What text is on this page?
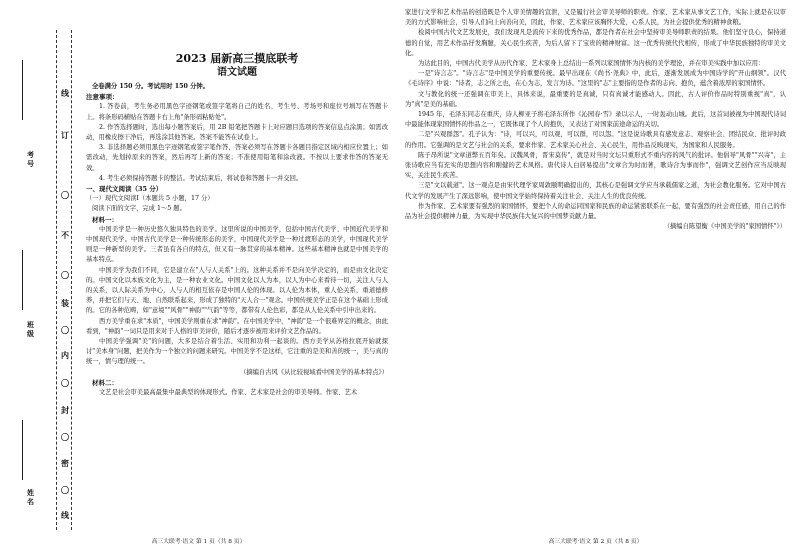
考号
班级
姓名
线
订
〇
不
〇
装
〇
内
〇
封
〇
密
〇
线

2023 届新高三摸底联考

语文试题

全卷满分 150 分。考试用时 150 分钟。

注意事项：

1. 答卷前，考生务必用黑色字迹钢笔或签字笔将自己的姓名、考生号、考场号和座位号填写在答题卡上。将条形码横贴在答题卡右上角"条形码粘贴处"。

2. 作答选择题时，选出每小题答案后，用 2B 铅笔把答题卡上对应题目选项的答案信息点涂黑；如需改动，用橡皮擦干净后，再选涂其他答案。答案不能答在试卷上。

3. 非选择题必须用黑色字迹钢笔或签字笔作答，答案必须写在答题卡各题目指定区域内相应位置上；如需改动，先划掉原来的答案，然后再写上新的答案；不准使用铅笔和涂改液。不按以上要求作答的答案无效。

4. 考生必须保持答题卡的整洁。考试结束后，将试卷和答题卡一并交回。

一、现代文阅读（35 分）

（一）现代文阅读Ⅰ（本题共 5 小题，17 分）

阅读下面的文字，完成 1～5 题。

材料一：

中国美学是一种历史悠久独具特色的美学。这里所说的中国美学，包括中国古代美学、中国近代美学和中国现代美学。中国古代美学是一种传统形态的美学，中国现代美学是一种过渡形态的美学，中国现代美学则是一种新型的美学。三者虽有各自的特点，但又有一脉贯穿的基本精神。这些基本精神也就是中国美学的基本特点。

中国美学为我们不同，它是建立在"人与人关系"上的。这种关系并不是向美学决定的，而是由文化决定的。中国文化以本族文化为主，是一种农业文化。中国文化以人为本，以人为中心来看待一切，关注人与人的关系，以人际关系为中心，人与人的相互依存是中国人伦的体现。以人伦为本体，重人伦关系，重道德修养，并把它们与天、地、自然联系起来，形成了独特的"天人合一"观念。中国传统美学正是在这个基础上形成的。它的各种范畴，如"意境""风骨""神韵""气韵"等等，都带有人伦色彩，都是从人伦关系中引申出来的。

西方美学重在求"本质"，中国美学则重在求"神韵"。在中国美学中，"神韵"是一个很难界定的概念，由此看到，"神韵"一词只是用来对于人格的审美评价，随后才逐步被用来评价文艺作品的。

中国美学强调"美"的问题，大多是结合着生活、实用和功利一起谈的。西方美学从苏格拉底开始就探讨"美本身"问题，把美作为一个独立的问题来研究。中国美学不是这样，它注重的是美和善的统一，美与真的统一，情与理的统一。

（摘编自古风《从比较视域看中国美学的基本特点》）

材料二：

文艺是社会审美最高最集中最典型的体现形式。作家、艺术家是社会的审美导师。作家、艺术

高三大联考·语文 第 1 页（共 8 页）

家进行文学和艺术作品的创造既是个人审美情趣的宣泄，又是履行社会审美导师的职责。作家、艺术家从事文艺工作，实际上就是在以审美的方式影响社会，引导人们向上向善向美，因此，作家、艺术家应该胸怀大爱，心系人民，为社会提供优秀的精神食粮。

检阅中国古代文艺发展史，我们发现凡是流传下来的优秀作品，都是作者在社会中坚持审美导师职责的结果。他们坚守良心，保持道德的自觉，用艺术作品抒发胸臆，关心民生疾苦，为后人留下了宝贵的精神财富。这一优秀传统代代相传，形成了中华民族独特的审美文化。

为达此目的，中国古代美学从历代作家、艺术家身上总结出一系列以家国情怀为内核的美学理论，并在审美实践中加以应用：

一是"诗言志"。"诗言志"是中国美学的重要传统。最早出现在《尚书·尧典》中，此后，逐渐发展成为中国诗学的"开山纲领"。汉代《毛诗序》中说："诗者，志之所之也，在心为志，发言为诗。"这里的"志"主要指的是作者的志向、抱负，蕴含着浓厚的家国情怀。

文与教化的统一还强调在审美上，具体来说，最重要的是真诚，只有真诚才能感动人。因此，古人评价作品时特别重视"真"，认为"真"是美的基础。

1945 年，毛泽东同志在重庆，诗人柳亚子将毛泽东所作《沁园春·雪》录以示人，一时轰动山城。此后，这首词被视为中国现代诗词中最能体现家国情怀的作品之一，它既体现了个人的抱负，又表达了对国家前途命运的关切。

二是"兴观群怨"。孔子认为："诗，可以兴，可以观，可以群，可以怨。"这是说诗歌具有感发意志、观察社会、团结民众、批评时政的作用。它强调的是文艺与社会的关系，要求作家、艺术家关心社会、关心民生，用作品反映现实，为国家和人民服务。

陈子昂所说"文章道弊五百年矣。汉魏风骨，晋宋莫传"，就是对当时文坛只重形式不重内容的风气的批评。他倡导"风骨""兴寄"，主张诗歌应当有充实的思想内容和刚健的艺术风格。唐代诗人白居易提出"文章合为时而著，歌诗合为事而作"，强调文艺创作应当反映现实，关注民生疾苦。

三是"文以载道"。这一观点是由宋代理学家周敦颐明确提出的，其核心是强调文学应当承载儒家之道，为社会教化服务。它对中国古代文学的发展产生了深远影响，使中国文学始终保持着关注社会、关注人生的优良传统。

作为作家、艺术家要有强烈的家国情怀，要把个人的命运同国家和民族的命运紧密联系在一起，要有强烈的社会责任感，用自己的作品为社会提供精神力量，为实现中华民族伟大复兴的中国梦贡献力量。

（摘编自陈望衡《中国美学的"家国情怀"》）

高三大联考·语文 第 2 页（共 8 页）
